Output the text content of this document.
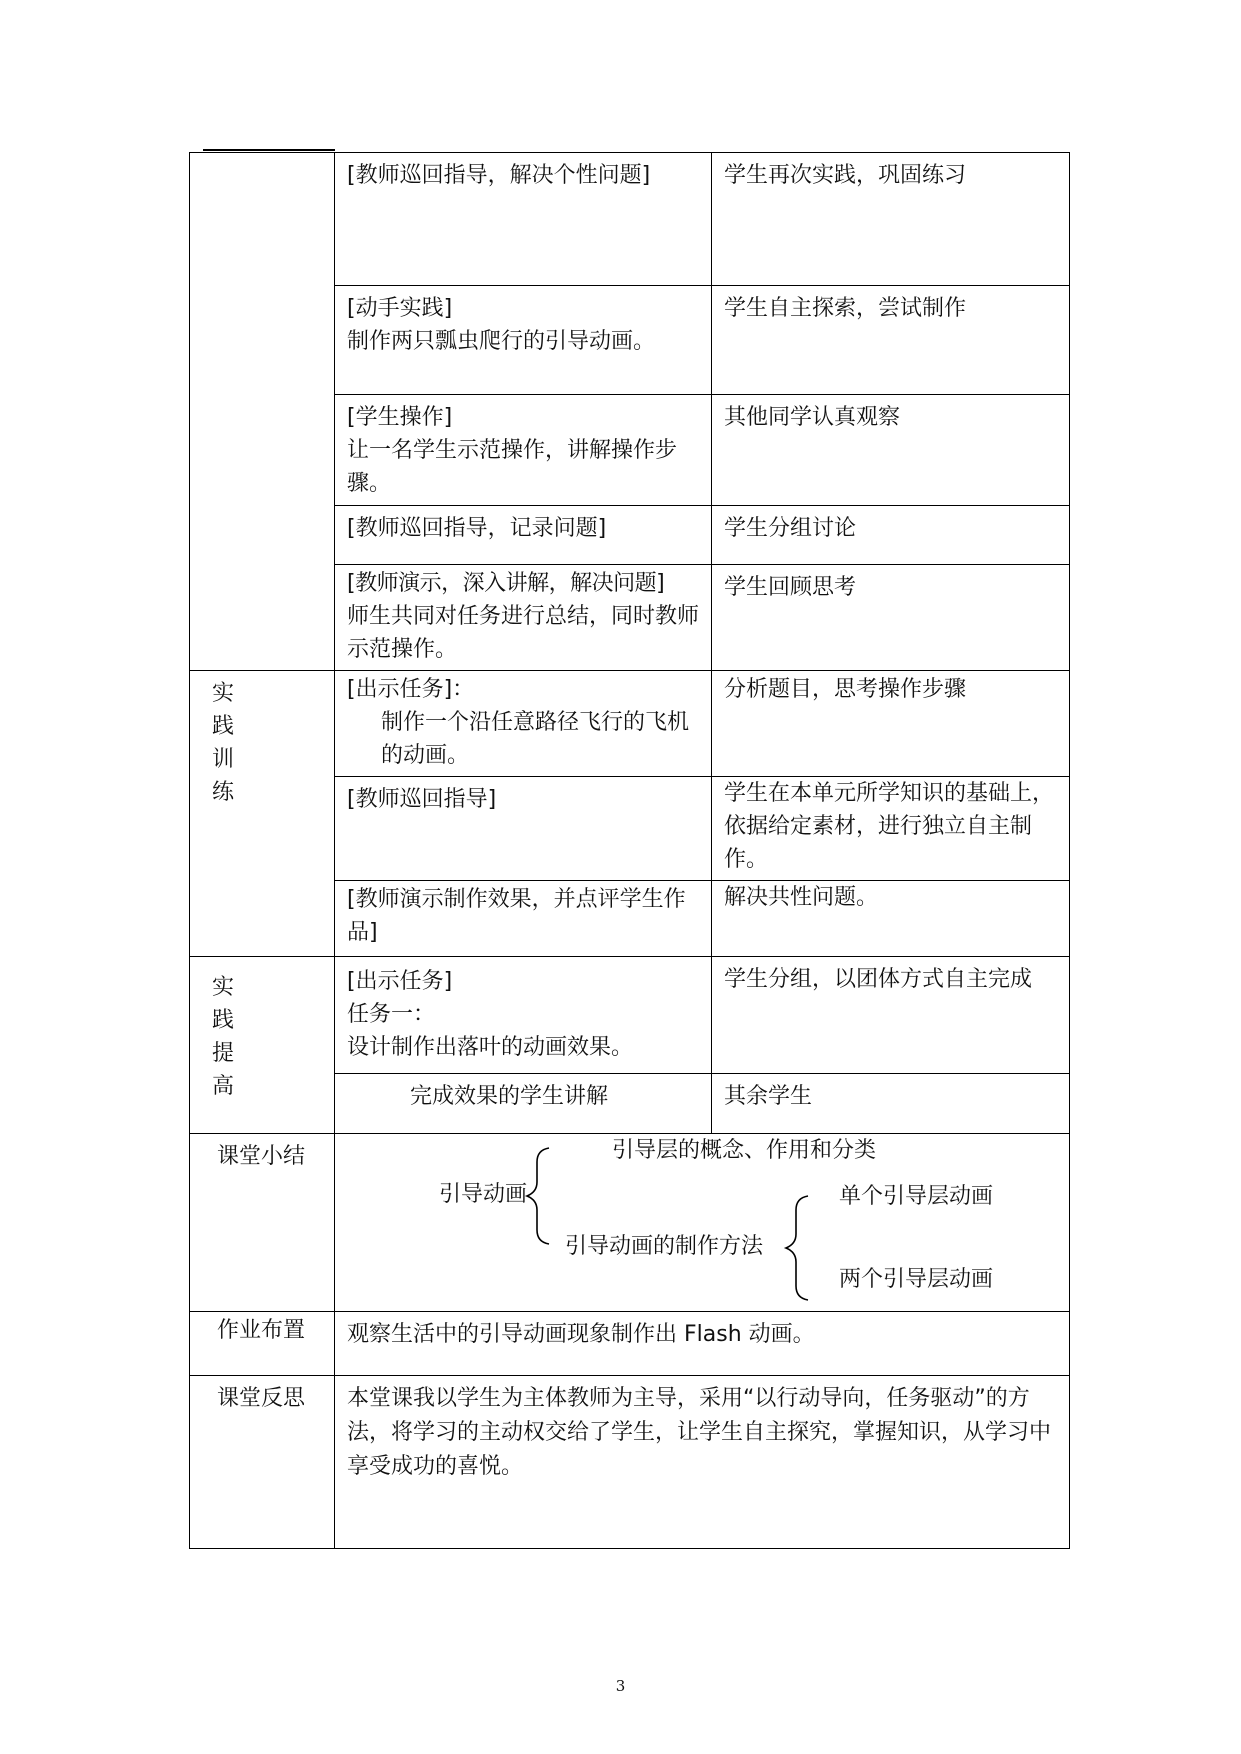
	[教师巡回指导，解决个性问题]	学生再次实践，巩固练习

	[动手实践]
制作两只瓢虫爬行的引导动画。	学生自主探索，尝试制作

	[学生操作]
让一名学生示范操作，讲解操作步骤。	其他同学认真观察
	[教师巡回指导，记录问题]	学生分组讨论

	[教师演示，深入讲解，解决问题]
师生共同对任务进行总结，同时教师示范操作。	学生回顾思考

实
践
训
练	[出示任务]：
制作一个沿任意路径飞行的飞机的动画。	分析题目，思考操作步骤
	[教师巡回指导]	学生在本单元所学知识的基础上，依据给定素材，进行独立自主制作。
	[教师演示制作效果，并点评学生作品]	解决共性问题。

实
践
提
高	[出示任务]
任务一：
设计制作出落叶的动画效果。	学生分组，以团体方式自主完成

	完成效果的学生讲解	其余学生

课堂小结	引导动画
引导层的概念、作用和分类
引导动画的制作方法
单个引导层动画
两个引导层动画	

作业布置	观察生活中的引导动画现象制作出 Flash 动画。	

课堂反思	本堂课我以学生为主体教师为主导，采用“以行动导向，任务驱动”的方法，将学习的主动权交给了学生，让学生自主探究，掌握知识，从学习中享受成功的喜悦。	
3
